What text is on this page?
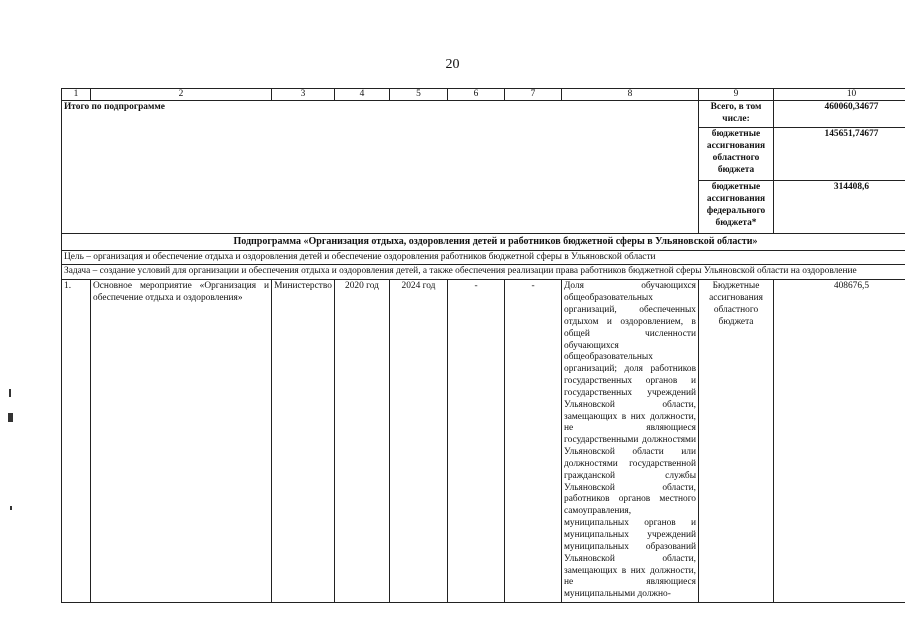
20
1	2	3	4	5	6	7	8	9	10
Итого по подпрограмме								Всего, в том числе:	460060,34677
								бюджетные ассигнования областного бюджета	145651,74677
								бюджетные ассигнования федерального бюджета*	314408,6
Подпрограмма «Организация отдыха, оздоровления детей и работников бюджетной сферы в Ульяновской области»									
Цель – организация и обеспечение отдыха и оздоровления детей и обеспечение оздоровления работников бюджетной сферы в Ульяновской области									
Задача – создание условий для организации и обеспечения отдыха и оздоровления детей, а также обеспечения реализации права работников бюджетной сферы Ульяновской области на оздоровление									
1.	Основное мероприятие «Организация и обеспечение отдыха и оздоровления»	Министерство	2020 год	2024 год	-	-	Доля обучающихся общеобразовательных организаций, обеспеченных отдыхом и оздоровлением, в общей численности обучающихся общеобразовательных организаций; доля работников государственных органов и государственных учреждений Ульяновской области, замещающих в них должности, не являющиеся государственными должностями Ульяновской области или должностями государственной гражданской службы Ульяновской области, работников органов местного самоуправления, муниципальных органов и муниципальных учреждений муниципальных образований Ульяновской области, замещающих в них должности, не являющиеся муниципальными должно-	Бюджетные ассигнования областного бюджета	408676,5
